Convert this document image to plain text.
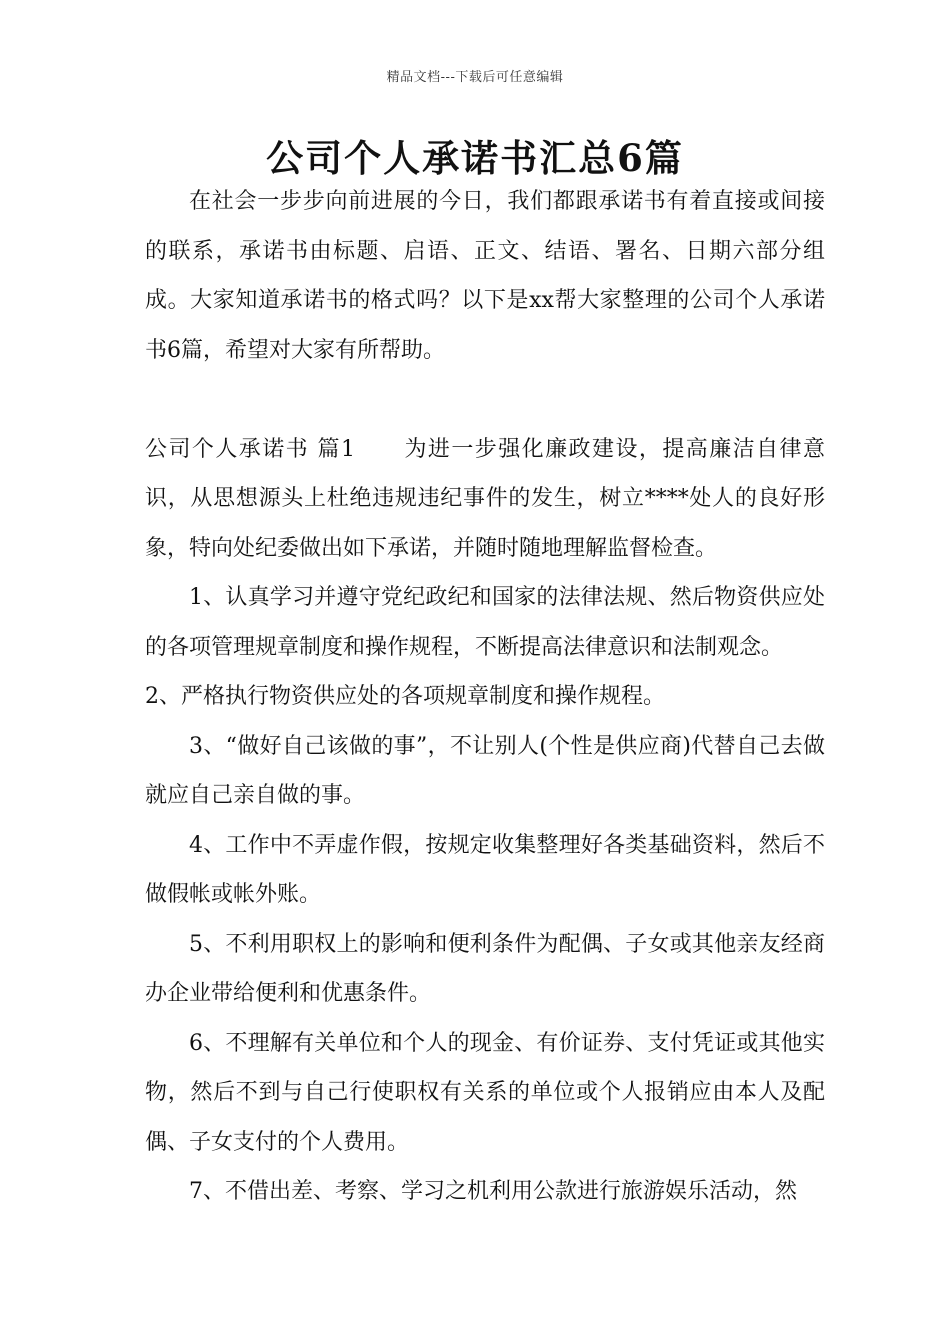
精品文档---下载后可任意编辑
公司个人承诺书汇总6篇

在社会一步步向前进展的今日，我们都跟承诺书有着直接或间接的联系，承诺书由标题、启语、正文、结语、署名、日期六部分组成。大家知道承诺书的格式吗？以下是xx帮大家整理的公司个人承诺书6篇，希望对大家有所帮助。

公司个人承诺书 篇1 为进一步强化廉政建设，提高廉洁自律意识，从思想源头上杜绝违规违纪事件的发生，树立****处人的良好形象，特向处纪委做出如下承诺，并随时随地理解监督检查。

1、认真学习并遵守党纪政纪和国家的法律法规、然后物资供应处的各项管理规章制度和操作规程，不断提高法律意识和法制观念。

2、严格执行物资供应处的各项规章制度和操作规程。

3、“做好自己该做的事”，不让别人(个性是供应商)代替自己去做就应自己亲自做的事。

4、工作中不弄虚作假，按规定收集整理好各类基础资料，然后不做假帐或帐外账。

5、不利用职权上的影响和便利条件为配偶、子女或其他亲友经商办企业带给便利和优惠条件。

6、不理解有关单位和个人的现金、有价证券、支付凭证或其他实物，然后不到与自己行使职权有关系的单位或个人报销应由本人及配偶、子女支付的个人费用。

7、不借出差、考察、学习之机利用公款进行旅游娱乐活动，然
